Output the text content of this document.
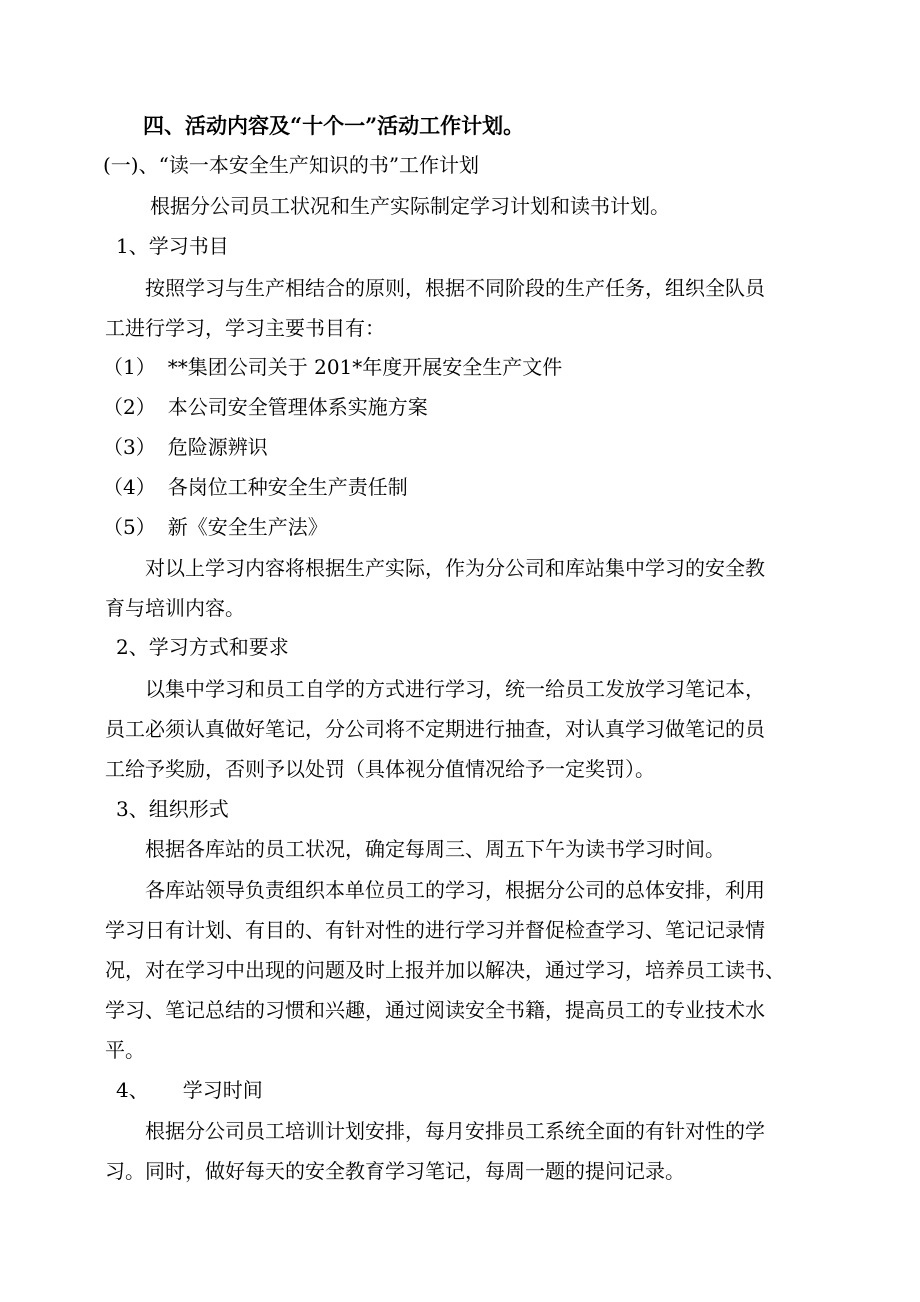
四、活动内容及“十个一”活动工作计划。
(一)、“读一本安全生产知识的书”工作计划
根据分公司员工状况和生产实际制定学习计划和读书计划。
1、学习书目
按照学习与生产相结合的原则，根据不同阶段的生产任务，组织全队员
工进行学习，学习主要书目有：
（1） **集团公司关于 201*年度开展安全生产文件
（2） 本公司安全管理体系实施方案
（3） 危险源辨识
（4） 各岗位工种安全生产责任制
（5） 新《安全生产法》
对以上学习内容将根据生产实际，作为分公司和库站集中学习的安全教
育与培训内容。
2、学习方式和要求
以集中学习和员工自学的方式进行学习，统一给员工发放学习笔记本，
员工必须认真做好笔记，分公司将不定期进行抽查，对认真学习做笔记的员
工给予奖励，否则予以处罚（具体视分值情况给予一定奖罚）。
3、组织形式
根据各库站的员工状况，确定每周三、周五下午为读书学习时间。
各库站领导负责组织本单位员工的学习，根据分公司的总体安排，利用
学习日有计划、有目的、有针对性的进行学习并督促检查学习、笔记记录情
况，对在学习中出现的问题及时上报并加以解决，通过学习，培养员工读书、
学习、笔记总结的习惯和兴趣，通过阅读安全书籍，提高员工的专业技术水
平。
4、 学习时间
根据分公司员工培训计划安排，每月安排员工系统全面的有针对性的学
习。同时，做好每天的安全教育学习笔记，每周一题的提问记录。
